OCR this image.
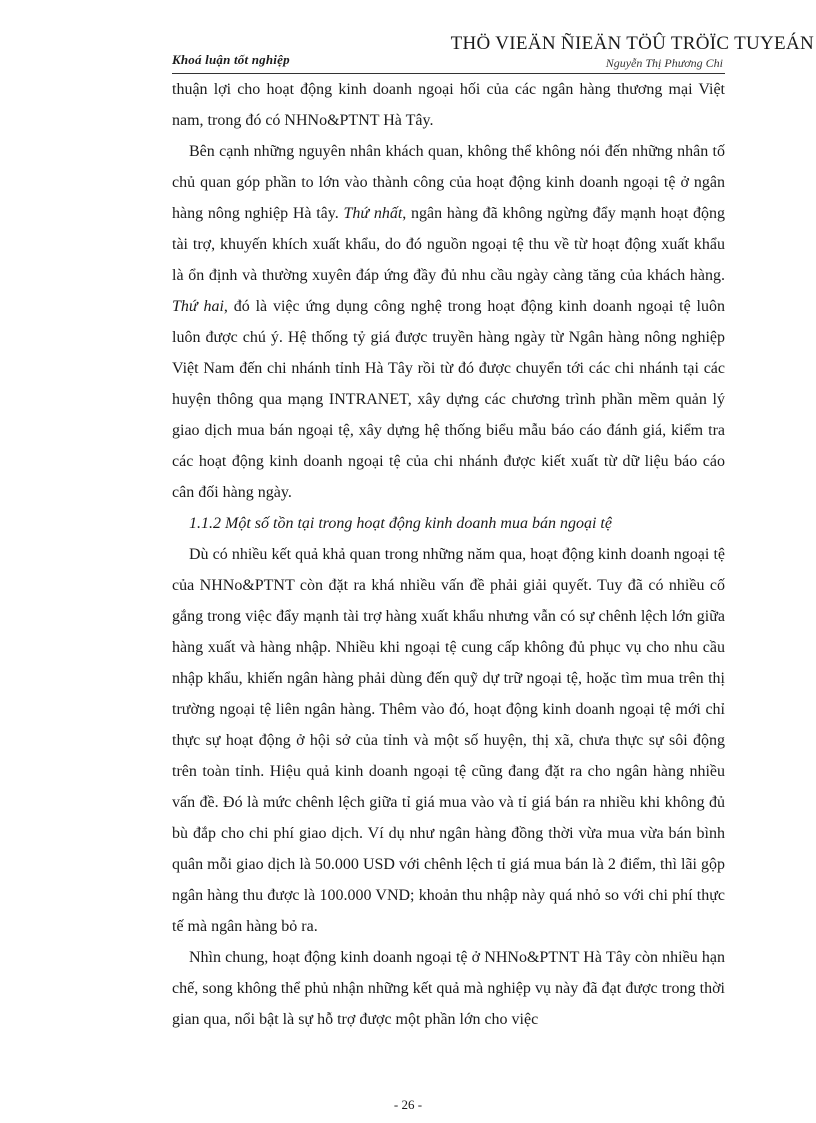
Khoá luận tốt nghiệp
THÖ VIEÄN ÑIEÄN TÖÛ TRÖÏC TUYEÁN
Nguyễn Thị Phương Chi

thuận lợi cho hoạt động kinh doanh ngoại hối của các ngân hàng thương mại Việt nam, trong đó có NHNo&PTNT Hà Tây.

Bên cạnh những nguyên nhân khách quan, không thể không nói đến những nhân tố chủ quan góp phần to lớn vào thành công của hoạt động kinh doanh ngoại tệ ở ngân hàng nông nghiệp Hà tây. Thứ nhất, ngân hàng đã không ngừng đẩy mạnh hoạt động tài trợ, khuyến khích xuất khẩu, do đó nguồn ngoại tệ thu về từ hoạt động xuất khẩu là ổn định và thường xuyên đáp ứng đầy đủ nhu cầu ngày càng tăng của khách hàng. Thứ hai, đó là việc ứng dụng công nghệ trong hoạt động kinh doanh ngoại tệ luôn luôn được chú ý. Hệ thống tỷ giá được truyền hàng ngày từ Ngân hàng nông nghiệp Việt Nam đến chi nhánh tỉnh Hà Tây rồi từ đó được chuyển tới các chi nhánh tại các huyện thông qua mạng INTRANET, xây dựng các chương trình phần mềm quản lý giao dịch mua bán ngoại tệ, xây dựng hệ thống biểu mẫu báo cáo đánh giá, kiểm tra các hoạt động kinh doanh ngoại tệ của chi nhánh được kiết xuất từ dữ liệu báo cáo cân đối hàng ngày.

1.1.2 Một số tồn tại trong hoạt động kinh doanh mua bán ngoại tệ

Dù có nhiều kết quả khả quan trong những năm qua, hoạt động kinh doanh ngoại tệ của NHNo&PTNT còn đặt ra khá nhiều vấn đề phải giải quyết. Tuy đã có nhiều cố gắng trong việc đẩy mạnh tài trợ hàng xuất khẩu nhưng vẫn có sự chênh lệch lớn giữa hàng xuất và hàng nhập. Nhiều khi ngoại tệ cung cấp không đủ phục vụ cho nhu cầu nhập khẩu, khiến ngân hàng phải dùng đến quỹ dự trữ ngoại tệ, hoặc tìm mua trên thị trường ngoại tệ liên ngân hàng. Thêm vào đó, hoạt động kinh doanh ngoại tệ mới chỉ thực sự hoạt động ở hội sở của tỉnh và một số huyện, thị xã, chưa thực sự sôi động trên toàn tỉnh. Hiệu quả kinh doanh ngoại tệ cũng đang đặt ra cho ngân hàng nhiều vấn đề. Đó là mức chênh lệch giữa tỉ giá mua vào và tỉ giá bán ra nhiều khi không đủ bù đắp cho chi phí giao dịch. Ví dụ như ngân hàng đồng thời vừa mua vừa bán bình quân mỗi giao dịch là 50.000 USD với chênh lệch tỉ giá mua bán là 2 điểm, thì lãi gộp ngân hàng thu được là 100.000 VND; khoản thu nhập này quá nhỏ so với chi phí thực tế mà ngân hàng bỏ ra.

Nhìn chung, hoạt động kinh doanh ngoại tệ ở NHNo&PTNT Hà Tây còn nhiều hạn chế, song không thể phủ nhận những kết quả mà nghiệp vụ này đã đạt được trong thời gian qua, nổi bật là sự hỗ trợ được một phần lớn cho việc

- 26 -
